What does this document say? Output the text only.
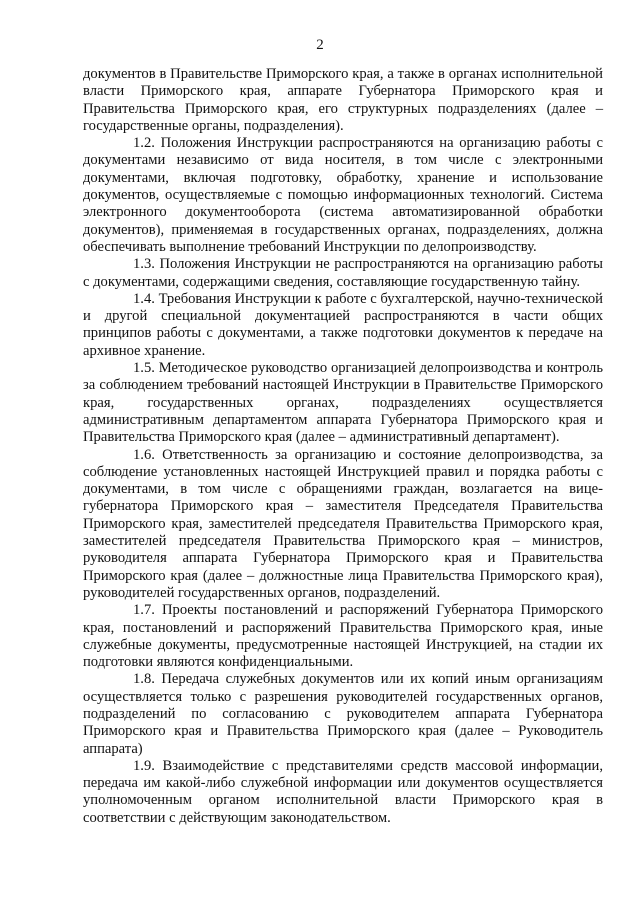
2

документов в Правительстве Приморского края, а также в органах исполнительной власти Приморского края, аппарате Губернатора Приморского края и Правительства Приморского края, его структурных подразделениях (далее – государственные органы, подразделения).

1.2. Положения Инструкции распространяются на организацию работы с документами независимо от вида носителя, в том числе с электронными документами, включая подготовку, обработку, хранение и использование документов, осуществляемые с помощью информационных технологий. Система электронного документооборота (система автоматизированной обработки документов), применяемая в государственных органах, подразделениях, должна обеспечивать выполнение требований Инструкции по делопроизводству.

1.3. Положения Инструкции не распространяются на организацию работы с документами, содержащими сведения, составляющие государственную тайну.

1.4. Требования Инструкции к работе с бухгалтерской, научно-технической и другой специальной документацией распространяются в части общих принципов работы с документами, а также подготовки документов к передаче на архивное хранение.

1.5. Методическое руководство организацией делопроизводства и контроль за соблюдением требований настоящей Инструкции в Правительстве Приморского края, государственных органах, подразделениях осуществляется административным департаментом аппарата Губернатора Приморского края и Правительства Приморского края (далее – административный департамент).

1.6. Ответственность за организацию и состояние делопроизводства, за соблюдение установленных настоящей Инструкцией правил и порядка работы с документами, в том числе с обращениями граждан, возлагается на вице-губернатора Приморского края – заместителя Председателя Правительства Приморского края, заместителей председателя Правительства Приморского края, заместителей председателя Правительства Приморского края – министров, руководителя аппарата Губернатора Приморского края и Правительства Приморского края (далее – должностные лица Правительства Приморского края), руководителей государственных органов, подразделений.

1.7. Проекты постановлений и распоряжений Губернатора Приморского края, постановлений и распоряжений Правительства Приморского края, иные служебные документы, предусмотренные настоящей Инструкцией, на стадии их подготовки являются конфиденциальными.

1.8. Передача служебных документов или их копий иным организациям осуществляется только с разрешения руководителей государственных органов, подразделений по согласованию с руководителем аппарата Губернатора Приморского края и Правительства Приморского края (далее – Руководитель аппарата)

1.9. Взаимодействие с представителями средств массовой информации, передача им какой-либо служебной информации или документов осуществляется уполномоченным органом исполнительной власти Приморского края в соответствии с действующим законодательством.
